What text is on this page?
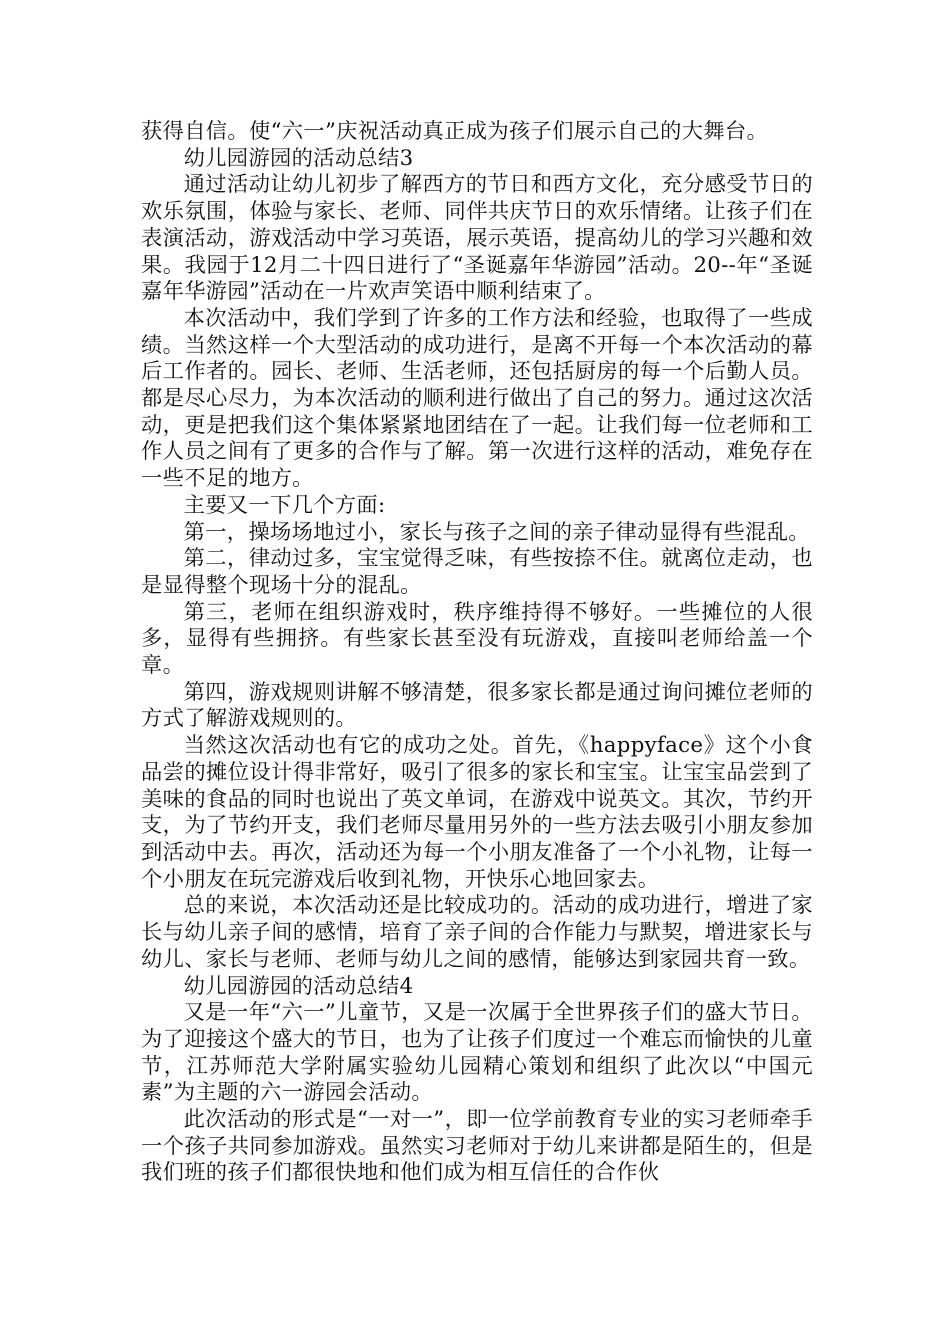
获得自信。使“六一”庆祝活动真正成为孩子们展示自己的大舞台。

幼儿园游园的活动总结3

通过活动让幼儿初步了解西方的节日和西方文化，充分感受节日的欢乐氛围，体验与家长、老师、同伴共庆节日的欢乐情绪。让孩子们在表演活动，游戏活动中学习英语，展示英语，提高幼儿的学习兴趣和效果。我园于12月二十四日进行了“圣诞嘉年华游园”活动。20--年“圣诞嘉年华游园”活动在一片欢声笑语中顺利结束了。

本次活动中，我们学到了许多的工作方法和经验，也取得了一些成绩。当然这样一个大型活动的成功进行，是离不开每一个本次活动的幕后工作者的。园长、老师、生活老师，还包括厨房的每一个后勤人员。都是尽心尽力，为本次活动的顺利进行做出了自己的努力。通过这次活动，更是把我们这个集体紧紧地团结在了一起。让我们每一位老师和工作人员之间有了更多的合作与了解。第一次进行这样的活动，难免存在一些不足的地方。

主要又一下几个方面:

第一，操场场地过小，家长与孩子之间的亲子律动显得有些混乱。

第二，律动过多，宝宝觉得乏味，有些按捺不住。就离位走动，也是显得整个现场十分的混乱。

第三，老师在组织游戏时，秩序维持得不够好。一些摊位的人很多，显得有些拥挤。有些家长甚至没有玩游戏，直接叫老师给盖一个章。

第四，游戏规则讲解不够清楚，很多家长都是通过询问摊位老师的方式了解游戏规则的。

当然这次活动也有它的成功之处。首先，《happyface》这个小食品尝的摊位设计得非常好，吸引了很多的家长和宝宝。让宝宝品尝到了美味的食品的同时也说出了英文单词，在游戏中说英文。其次，节约开支，为了节约开支，我们老师尽量用另外的一些方法去吸引小朋友参加到活动中去。再次，活动还为每一个小朋友准备了一个小礼物，让每一个小朋友在玩完游戏后收到礼物，开快乐心地回家去。

总的来说，本次活动还是比较成功的。活动的成功进行，增进了家长与幼儿亲子间的感情，培育了亲子间的合作能力与默契，增进家长与幼儿、家长与老师、老师与幼儿之间的感情，能够达到家园共育一致。

幼儿园游园的活动总结4

又是一年“六一”儿童节，又是一次属于全世界孩子们的盛大节日。为了迎接这个盛大的节日，也为了让孩子们度过一个难忘而愉快的儿童节，江苏师范大学附属实验幼儿园精心策划和组织了此次以“中国元素”为主题的六一游园会活动。

此次活动的形式是“一对一”，即一位学前教育专业的实习老师牵手一个孩子共同参加游戏。虽然实习老师对于幼儿来讲都是陌生的，但是我们班的孩子们都很快地和他们成为相互信任的合作伙
